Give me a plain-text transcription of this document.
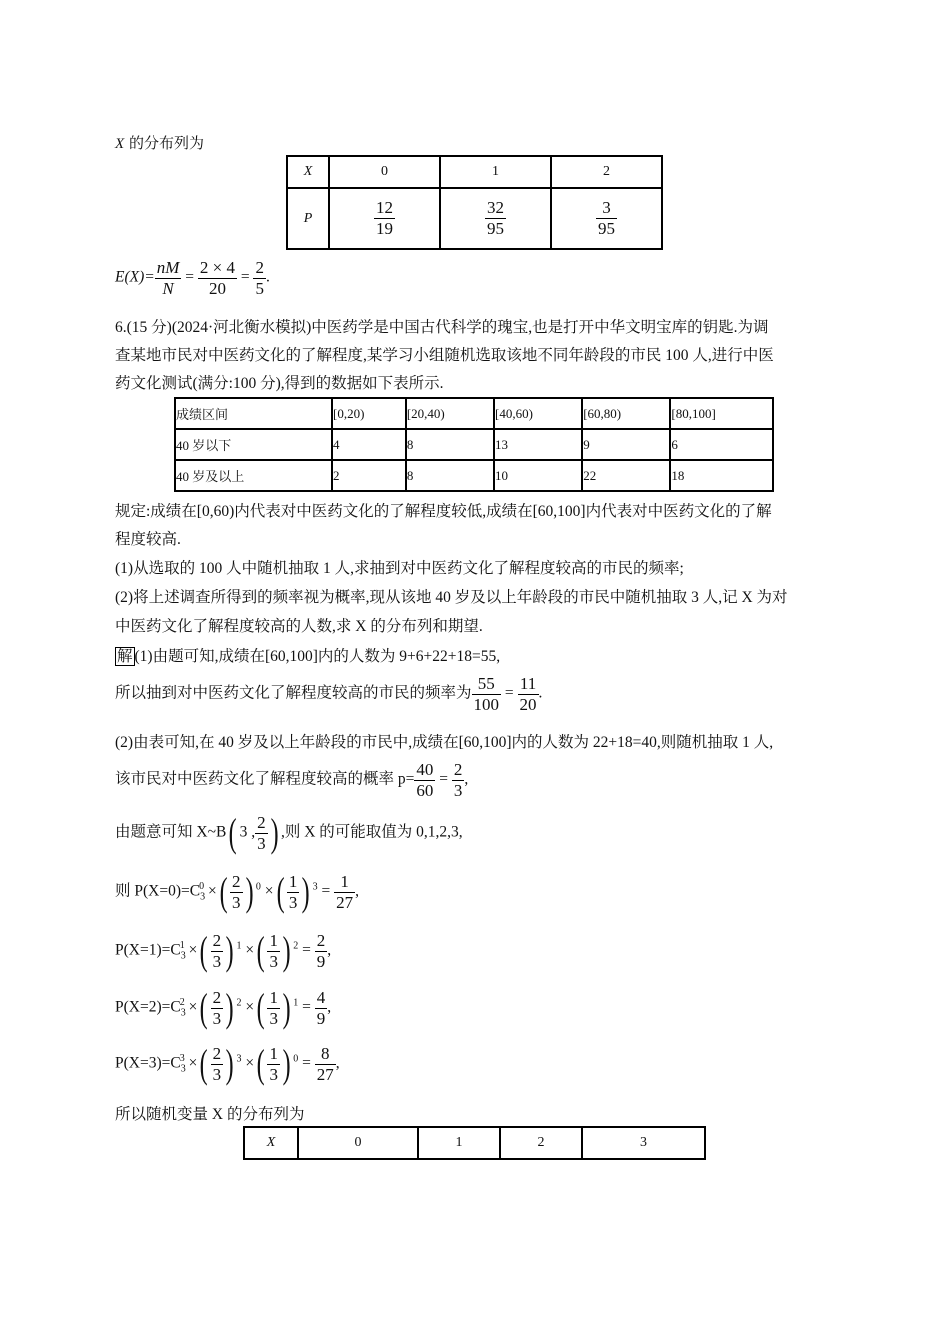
X 的分布列为
X	0	1	2
P	$\frac{12}{19}$	$\frac{32}{95}$	$\frac{3}{95}$
$E(X)= \frac{nM}{N} = \frac{2 \times 4}{20} = \frac{2}{5}$ .
6.(15 分)(2024·河北衡水模拟)中医药学是中国古代科学的瑰宝,也是打开中华文明宝库的钥匙.为调
查某地市民对中医药文化的了解程度,某学习小组随机选取该地不同年龄段的市民 100 人,进行中医
药文化测试(满分:100 分),得到的数据如下表所示.
成绩区间	[0,20)	[20,40)	[40,60)	[60,80)	[80,100]
40 岁以下	4	8	13	9	6
40 岁及以上	2	8	10	22	18
规定:成绩在[0,60)内代表对中医药文化的了解程度较低,成绩在[60,100]内代表对中医药文化的了解
程度较高.
(1)从选取的 100 人中随机抽取 1 人,求抽到对中医药文化了解程度较高的市民的频率;
(2)将上述调查所得到的频率视为概率,现从该地 40 岁及以上年龄段的市民中随机抽取 3 人,记 X 为对
中医药文化了解程度较高的人数,求 X 的分布列和期望.
解 (1)由题可知,成绩在[60,100]内的人数为 9+6+22+18=55,
所以抽到对中医药文化了解程度较高的市民的频率为 $\frac{55}{100} = \frac{11}{20}$ .
(2)由表可知,在 40 岁及以上年龄段的市民中,成绩在[60,100]内的人数为 22+18=40,则随机抽取 1 人,
该市民对中医药文化了解程度较高的概率 $p= \frac{40}{60} = \frac{2}{3}$ ,
由题意可知 X~B( 3 , $\frac{2}{3}$ ) ,则 X 的可能取值为 0,1,2,3,
则 $P(X=0)=C_3^0$ ×( $\frac{2}{3}$ ) $^0$ ×( $\frac{1}{3}$ ) $^3 = \frac{1}{27}$ ,
$P(X=1)=C_3^1$ ×( $\frac{2}{3}$ ) $^1$ ×( $\frac{1}{3}$ ) $^2 = \frac{2}{9}$ ,
$P(X=2)=C_3^2$ ×( $\frac{2}{3}$ ) $^2$ ×( $\frac{1}{3}$ ) $^1 = \frac{4}{9}$ ,
$P(X=3)=C_3^3$ ×( $\frac{2}{3}$ ) $^3$ ×( $\frac{1}{3}$ ) $^0 = \frac{8}{27}$ ,
所以随机变量 X 的分布列为
X	0	1	2	3
